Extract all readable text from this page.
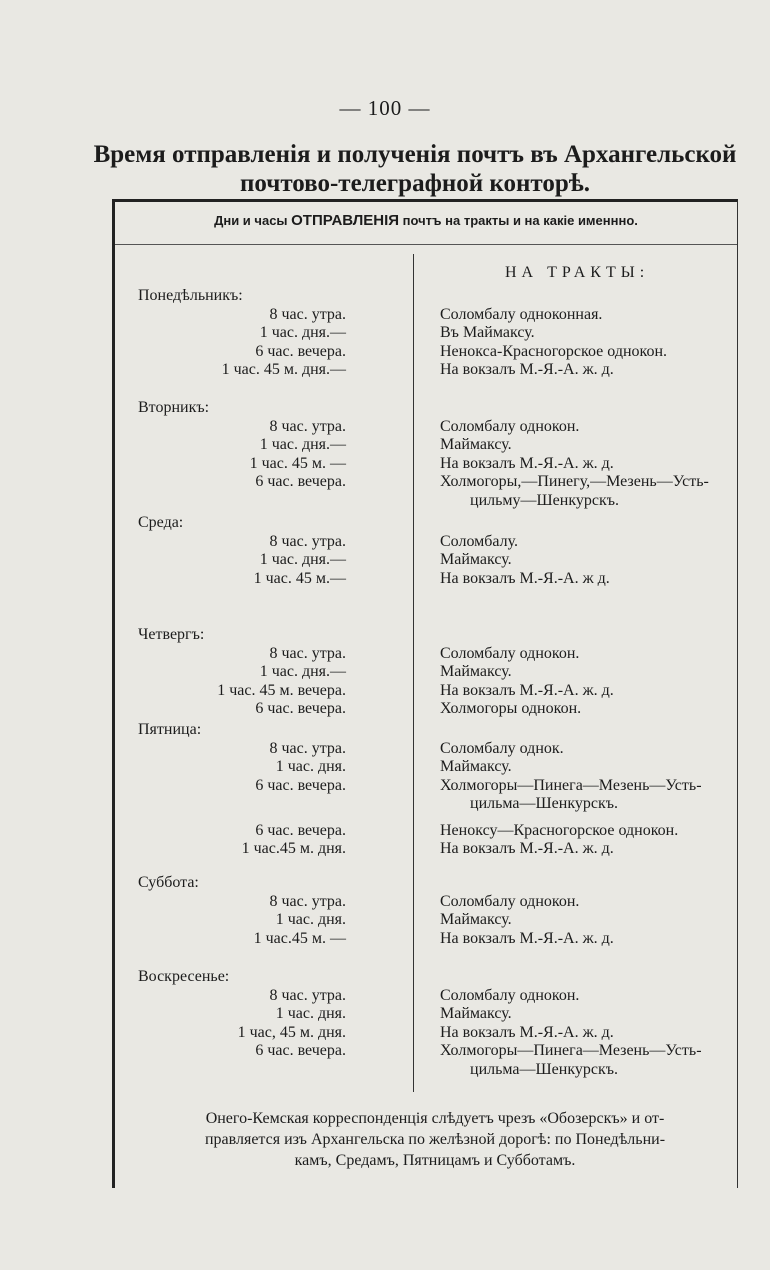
— 100 —
Время отправленія и полученія почтъ въ Архангельской
почтово-телеграфной конторѣ.
Дни и часы ОТПРАВЛЕНІЯ почтъ на тракты и на какіе именнно.
НА ТРАКТЫ:
Понедѣльникъ:
8 час. утра.	Соломбалу одноконная.
1 час. дня.—	Въ Маймаксу.
6 час. вечера.	Ненокса-Красногорское однокон.
1 час. 45 м. дня.—	На вокзалъ М.-Я.-А. ж. д.
Вторникъ:
8 час. утра.	Соломбалу однокон.
1 час. дня.—	Маймаксу.
1 час. 45 м. —	На вокзалъ М.-Я.-А. ж. д.
6 час. вечера.	Холмогоры,—Пинегу,—Мезень—Усть-
цильму—Шенкурскъ.
Среда:
8 час. утра.	Соломбалу.
1 час. дня.—	Маймаксу.
1 час. 45 м.—	На вокзалъ М.-Я.-А. ж д.
Четвергъ:
8 час. утра.	Соломбалу однокон.
1 час. дня.—	Маймаксу.
1 час. 45 м. вечера.	На вокзалъ М.-Я.-А. ж. д.
6 час. вечера.	Холмогоры однокон.
Пятница:
8 час. утра.	Соломбалу однок.
1 час. дня.	Маймаксу.
6 час. вечера.	Холмогоры—Пинега—Мезень—Усть-
цильма—Шенкурскъ.
6 час. вечера.	Неноксу—Красногорское однокон.
1 час.45 м. дня.	На вокзалъ М.-Я.-А. ж. д.
Суббота:
8 час. утра.	Соломбалу однокон.
1 час. дня.	Маймаксу.
1 час.45 м. —	На вокзалъ М.-Я.-А. ж. д.
Воскресенье:
8 час. утра.	Соломбалу однокон.
1 час. дня.	Маймаксу.
1 час, 45 м. дня.	На вокзалъ М.-Я.-А. ж. д.
6 час. вечера.	Холмогоры—Пинега—Мезень—Усть-
цильма—Шенкурскъ.
Онего-Кемская корреспонденція слѣдуетъ чрезъ «Обозерскъ» и от-
правляется изъ Архангельска по желѣзной дорогѣ: по Понедѣльни-
камъ, Средамъ, Пятницамъ и Субботамъ.
